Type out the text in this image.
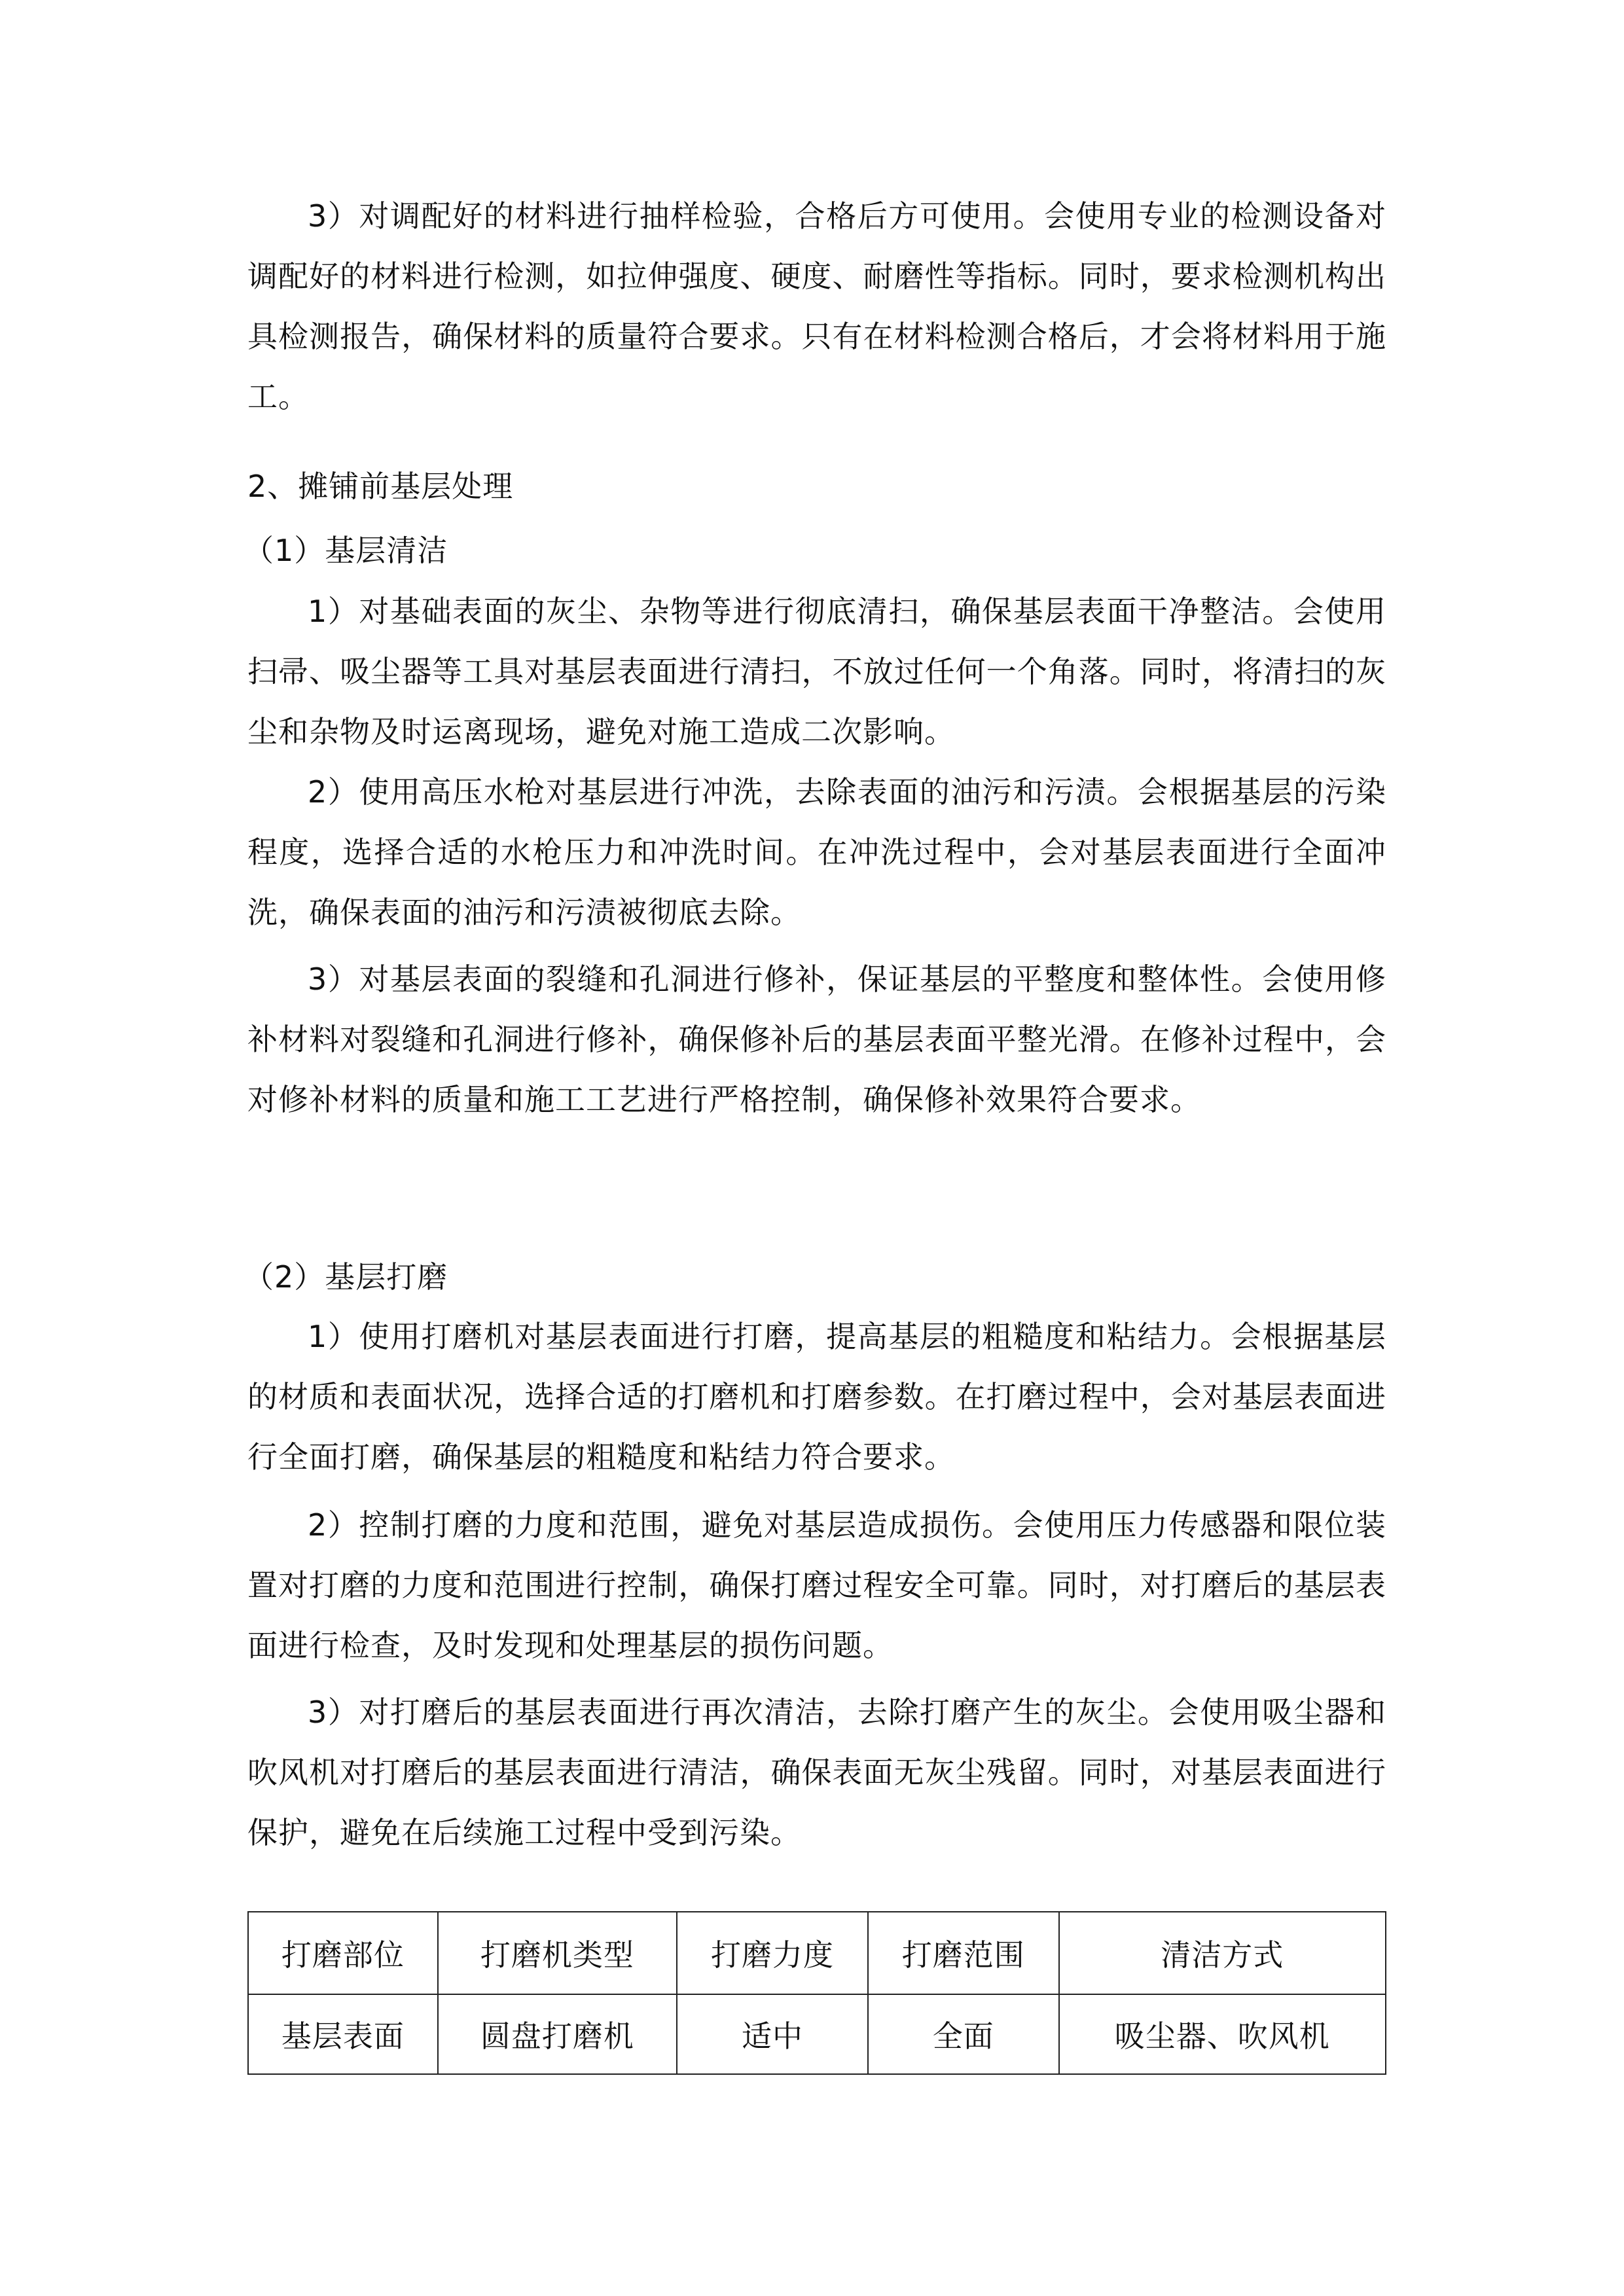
3）对调配好的材料进行抽样检验，合格后方可使用。会使用专业的检测设备对调配好的材料进行检测，如拉伸强度、硬度、耐磨性等指标。同时，要求检测机构出具检测报告，确保材料的质量符合要求。只有在材料检测合格后，才会将材料用于施工。

2、摊铺前基层处理

（1）基层清洁

1）对基础表面的灰尘、杂物等进行彻底清扫，确保基层表面干净整洁。会使用扫帚、吸尘器等工具对基层表面进行清扫，不放过任何一个角落。同时，将清扫的灰尘和杂物及时运离现场，避免对施工造成二次影响。

2）使用高压水枪对基层进行冲洗，去除表面的油污和污渍。会根据基层的污染程度，选择合适的水枪压力和冲洗时间。在冲洗过程中，会对基层表面进行全面冲洗，确保表面的油污和污渍被彻底去除。

3）对基层表面的裂缝和孔洞进行修补，保证基层的平整度和整体性。会使用修补材料对裂缝和孔洞进行修补，确保修补后的基层表面平整光滑。在修补过程中，会对修补材料的质量和施工工艺进行严格控制，确保修补效果符合要求。

（2）基层打磨

1）使用打磨机对基层表面进行打磨，提高基层的粗糙度和粘结力。会根据基层的材质和表面状况，选择合适的打磨机和打磨参数。在打磨过程中，会对基层表面进行全面打磨，确保基层的粗糙度和粘结力符合要求。

2）控制打磨的力度和范围，避免对基层造成损伤。会使用压力传感器和限位装置对打磨的力度和范围进行控制，确保打磨过程安全可靠。同时，对打磨后的基层表面进行检查，及时发现和处理基层的损伤问题。

3）对打磨后的基层表面进行再次清洁，去除打磨产生的灰尘。会使用吸尘器和吹风机对打磨后的基层表面进行清洁，确保表面无灰尘残留。同时，对基层表面进行保护，避免在后续施工过程中受到污染。

打磨部位	打磨机类型	打磨力度	打磨范围	清洁方式
基层表面	圆盘打磨机	适中	全面	吸尘器、吹风机
